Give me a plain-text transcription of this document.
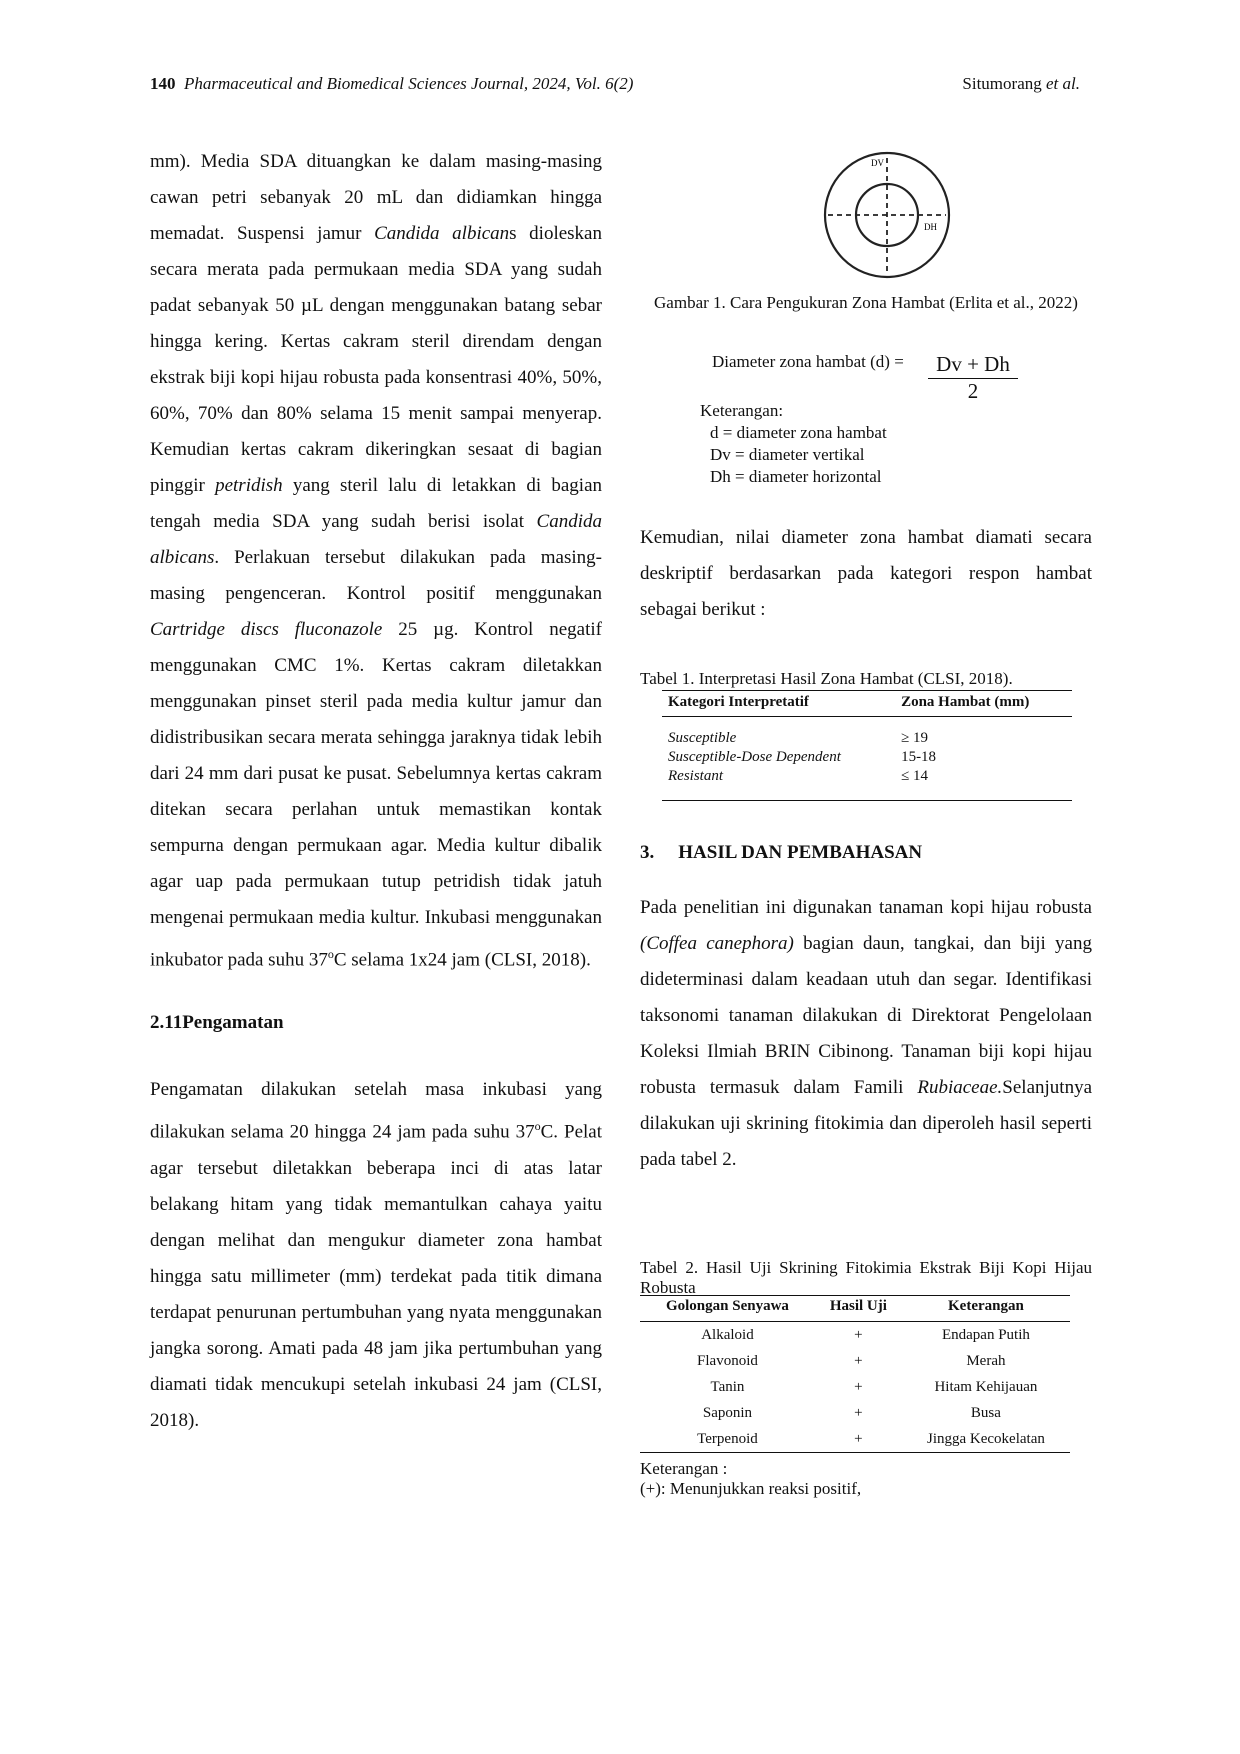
140 Pharmaceutical and Biomedical Sciences Journal, 2024, Vol. 6(2)	Situmorang et al.

mm). Media SDA dituangkan ke dalam masing-masing cawan petri sebanyak 20 mL dan didiamkan hingga memadat. Suspensi jamur Candida albicans dioleskan secara merata pada permukaan media SDA yang sudah padat sebanyak 50 µL dengan menggunakan batang sebar hingga kering. Kertas cakram steril direndam dengan ekstrak biji kopi hijau robusta pada konsentrasi 40%, 50%, 60%, 70% dan 80% selama 15 menit sampai menyerap. Kemudian kertas cakram dikeringkan sesaat di bagian pinggir petridish yang steril lalu di letakkan di bagian tengah media SDA yang sudah berisi isolat Candida albicans. Perlakuan tersebut dilakukan pada masing-masing pengenceran. Kontrol positif menggunakan Cartridge discs fluconazole 25 µg. Kontrol negatif menggunakan CMC 1%. Kertas cakram diletakkan menggunakan pinset steril pada media kultur jamur dan didistribusikan secara merata sehingga jaraknya tidak lebih dari 24 mm dari pusat ke pusat. Sebelumnya kertas cakram ditekan secara perlahan untuk memastikan kontak sempurna dengan permukaan agar. Media kultur dibalik agar uap pada permukaan tutup petridish tidak jatuh mengenai permukaan media kultur. Inkubasi menggunakan inkubator pada suhu 37$^o$C selama 1x24 jam (CLSI, 2018).

2.11Pengamatan

Pengamatan dilakukan setelah masa inkubasi yang dilakukan selama 20 hingga 24 jam pada suhu 37$^o$C. Pelat agar tersebut diletakkan beberapa inci di atas latar belakang hitam yang tidak memantulkan cahaya yaitu dengan melihat dan mengukur diameter zona hambat hingga satu millimeter (mm) terdekat pada titik dimana terdapat penurunan pertumbuhan yang nyata menggunakan jangka sorong. Amati pada 48 jam jika pertumbuhan yang diamati tidak mencukupi setelah inkubasi 24 jam (CLSI, 2018).

DV
DH
Gambar 1. Cara Pengukuran Zona Hambat (Erlita et al., 2022)
Diameter zona hambat $(d) = \frac{Dv + Dh}{2}$
Keterangan:
d = diameter zona hambat
Dv = diameter vertikal
Dh = diameter horizontal

Kemudian, nilai diameter zona hambat diamati secara deskriptif berdasarkan pada kategori respon hambat sebagai berikut :

Tabel 1. Interpretasi Hasil Zona Hambat (CLSI, 2018).
Kategori Interpretatif	Zona Hambat (mm)

Susceptible	≥ 19
Susceptible-Dose Dependent	15-18
Resistant	≤ 14
3. HASIL DAN PEMBAHASAN

Pada penelitian ini digunakan tanaman kopi hijau robusta (Coffea canephora) bagian daun, tangkai, dan biji yang dideterminasi dalam keadaan utuh dan segar. Identifikasi taksonomi tanaman dilakukan di Direktorat Pengelolaan Koleksi Ilmiah BRIN Cibinong. Tanaman biji kopi hijau robusta termasuk dalam Famili Rubiaceae.Selanjutnya dilakukan uji skrining fitokimia dan diperoleh hasil seperti pada tabel 2.

Tabel 2. Hasil Uji Skrining Fitokimia Ekstrak Biji Kopi Hijau Robusta
Golongan Senyawa	Hasil Uji	Keterangan
Alkaloid	+	Endapan Putih
Flavonoid	+	Merah
Tanin	+	Hitam Kehijauan
Saponin	+	Busa
Terpenoid	+	Jingga Kecokelatan
Keterangan :
(+): Menunjukkan reaksi positif,
